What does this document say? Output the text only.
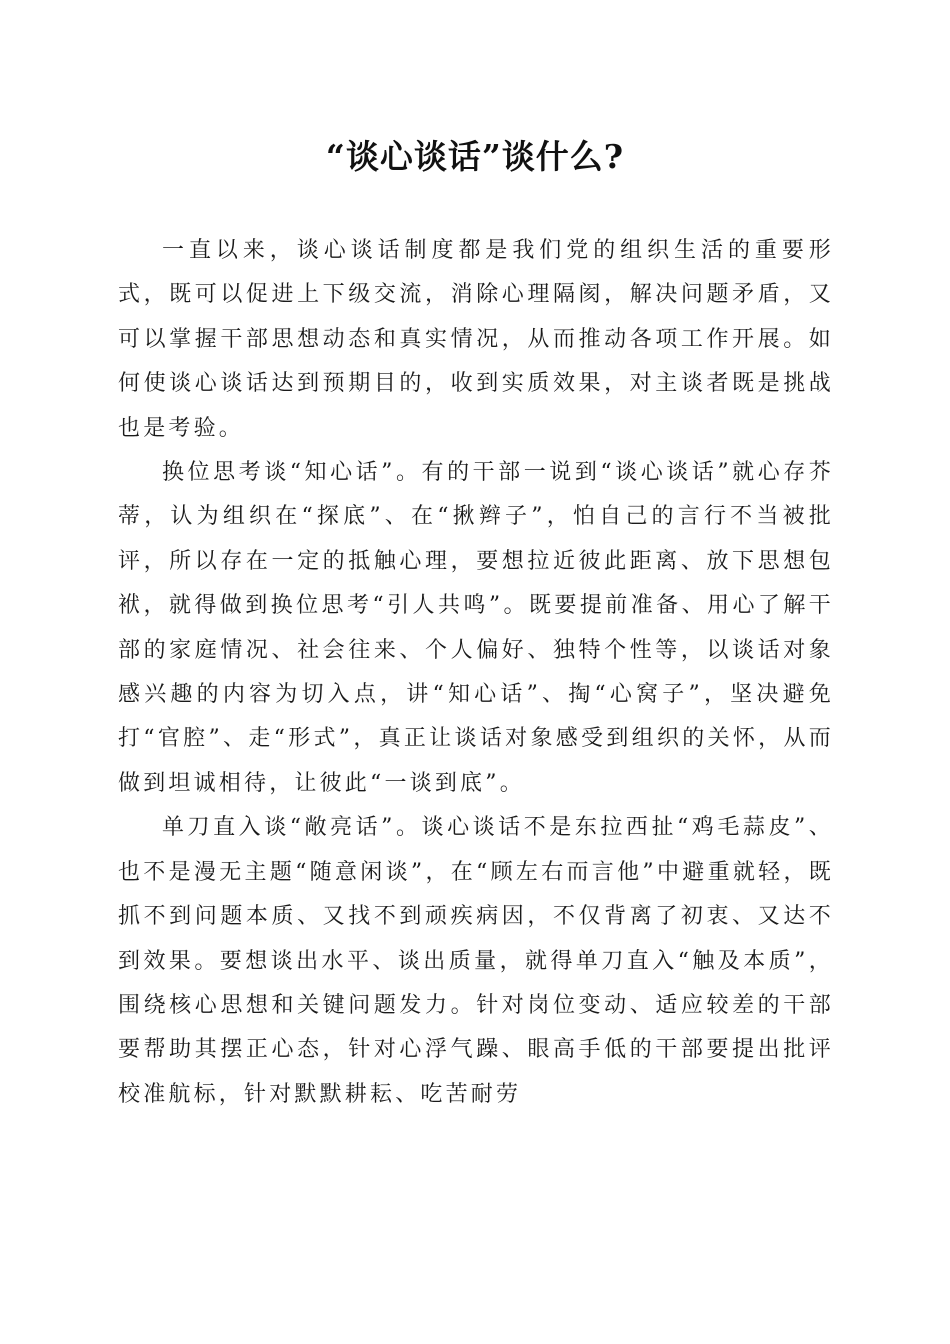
“谈心谈话”谈什么?

一直以来，谈心谈话制度都是我们党的组织生活的重要形式，既可以促进上下级交流，消除心理隔阂，解决问题矛盾，又可以掌握干部思想动态和真实情况，从而推动各项工作开展。如何使谈心谈话达到预期目的，收到实质效果，对主谈者既是挑战也是考验。

换位思考谈“知心话”。有的干部一说到“谈心谈话”就心存芥蒂，认为组织在“探底”、在“揪辫子”，怕自己的言行不当被批评，所以存在一定的抵触心理，要想拉近彼此距离、放下思想包袱，就得做到换位思考“引人共鸣”。既要提前准备、用心了解干部的家庭情况、社会往来、个人偏好、独特个性等，以谈话对象感兴趣的内容为切入点，讲“知心话”、掏“心窝子”，坚决避免打“官腔”、走“形式”，真正让谈话对象感受到组织的关怀，从而做到坦诚相待，让彼此“一谈到底”。

单刀直入谈“敞亮话”。谈心谈话不是东拉西扯“鸡毛蒜皮”、也不是漫无主题“随意闲谈”，在“顾左右而言他”中避重就轻，既抓不到问题本质、又找不到顽疾病因，不仅背离了初衷、又达不到效果。要想谈出水平、谈出质量，就得单刀直入“触及本质”，围绕核心思想和关键问题发力。针对岗位变动、适应较差的干部要帮助其摆正心态，针对心浮气躁、眼高手低的干部要提出批评校准航标，针对默默耕耘、吃苦耐劳
